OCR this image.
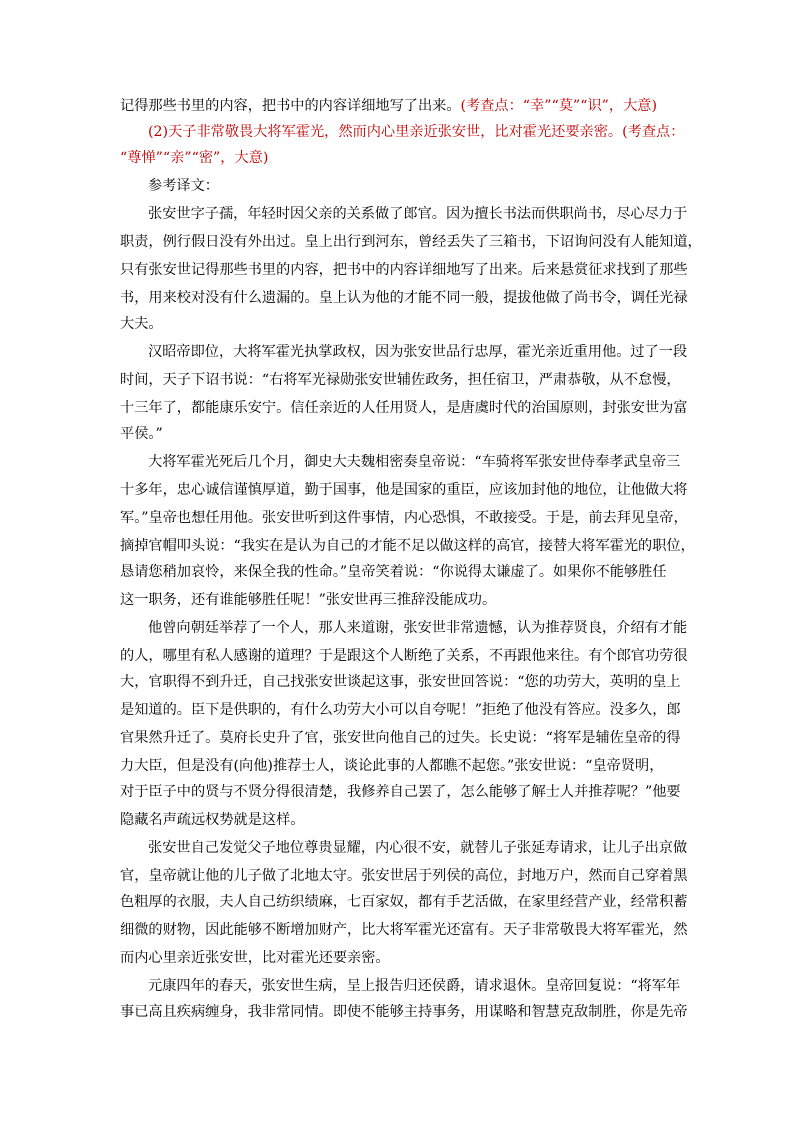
记得那些书里的内容，把书中的内容详细地写了出来。(考查点：“幸”“莫”“识”，大意)
(2)天子非常敬畏大将军霍光，然而内心里亲近张安世，比对霍光还要亲密。(考查点：
“尊惮”“亲”“密”，大意)
参考译文：
张安世字子孺，年轻时因父亲的关系做了郎官。因为擅长书法而供职尚书，尽心尽力于
职责，例行假日没有外出过。皇上出行到河东，曾经丢失了三箱书，下诏询问没有人能知道，
只有张安世记得那些书里的内容，把书中的内容详细地写了出来。后来悬赏征求找到了那些
书，用来校对没有什么遗漏的。皇上认为他的才能不同一般，提拔他做了尚书令，调任光禄
大夫。
汉昭帝即位，大将军霍光执掌政权，因为张安世品行忠厚，霍光亲近重用他。过了一段
时间，天子下诏书说：“右将军光禄勋张安世辅佐政务，担任宿卫，严肃恭敬，从不怠慢，
十三年了，都能康乐安宁。信任亲近的人任用贤人，是唐虞时代的治国原则，封张安世为富
平侯。”
大将军霍光死后几个月，御史大夫魏相密奏皇帝说：“车骑将军张安世侍奉孝武皇帝三
十多年，忠心诚信谨慎厚道，勤于国事，他是国家的重臣，应该加封他的地位，让他做大将
军。”皇帝也想任用他。张安世听到这件事情，内心恐惧，不敢接受。于是，前去拜见皇帝，
摘掉官帽叩头说：“我实在是认为自己的才能不足以做这样的高官，接替大将军霍光的职位，
恳请您稍加哀怜，来保全我的性命。”皇帝笑着说：“你说得太谦虚了。如果你不能够胜任
这一职务，还有谁能够胜任呢！”张安世再三推辞没能成功。
他曾向朝廷举荐了一个人，那人来道谢，张安世非常遗憾，认为推荐贤良，介绍有才能
的人，哪里有私人感谢的道理？于是跟这个人断绝了关系，不再跟他来往。有个郎官功劳很
大，官职得不到升迁，自己找张安世谈起这事，张安世回答说：“您的功劳大，英明的皇上
是知道的。臣下是供职的，有什么功劳大小可以自夸呢！”拒绝了他没有答应。没多久，郎
官果然升迁了。莫府长史升了官，张安世向他自己的过失。长史说：“将军是辅佐皇帝的得
力大臣，但是没有(向他)推荐士人，谈论此事的人都瞧不起您。”张安世说：“皇帝贤明，
对于臣子中的贤与不贤分得很清楚，我修养自己罢了，怎么能够了解士人并推荐呢？”他要
隐藏名声疏远权势就是这样。
张安世自己发觉父子地位尊贵显耀，内心很不安，就替儿子张延寿请求，让儿子出京做
官，皇帝就让他的儿子做了北地太守。张安世居于列侯的高位，封地万户，然而自己穿着黑
色粗厚的衣服，夫人自己纺织绩麻，七百家奴，都有手艺活做，在家里经营产业，经常积蓄
细微的财物，因此能够不断增加财产，比大将军霍光还富有。天子非常敬畏大将军霍光，然
而内心里亲近张安世，比对霍光还要亲密。
元康四年的春天，张安世生病，呈上报告归还侯爵，请求退休。皇帝回复说：“将军年
事已高且疾病缠身，我非常同情。即使不能够主持事务，用谋略和智慧克敌制胜，你是先帝
